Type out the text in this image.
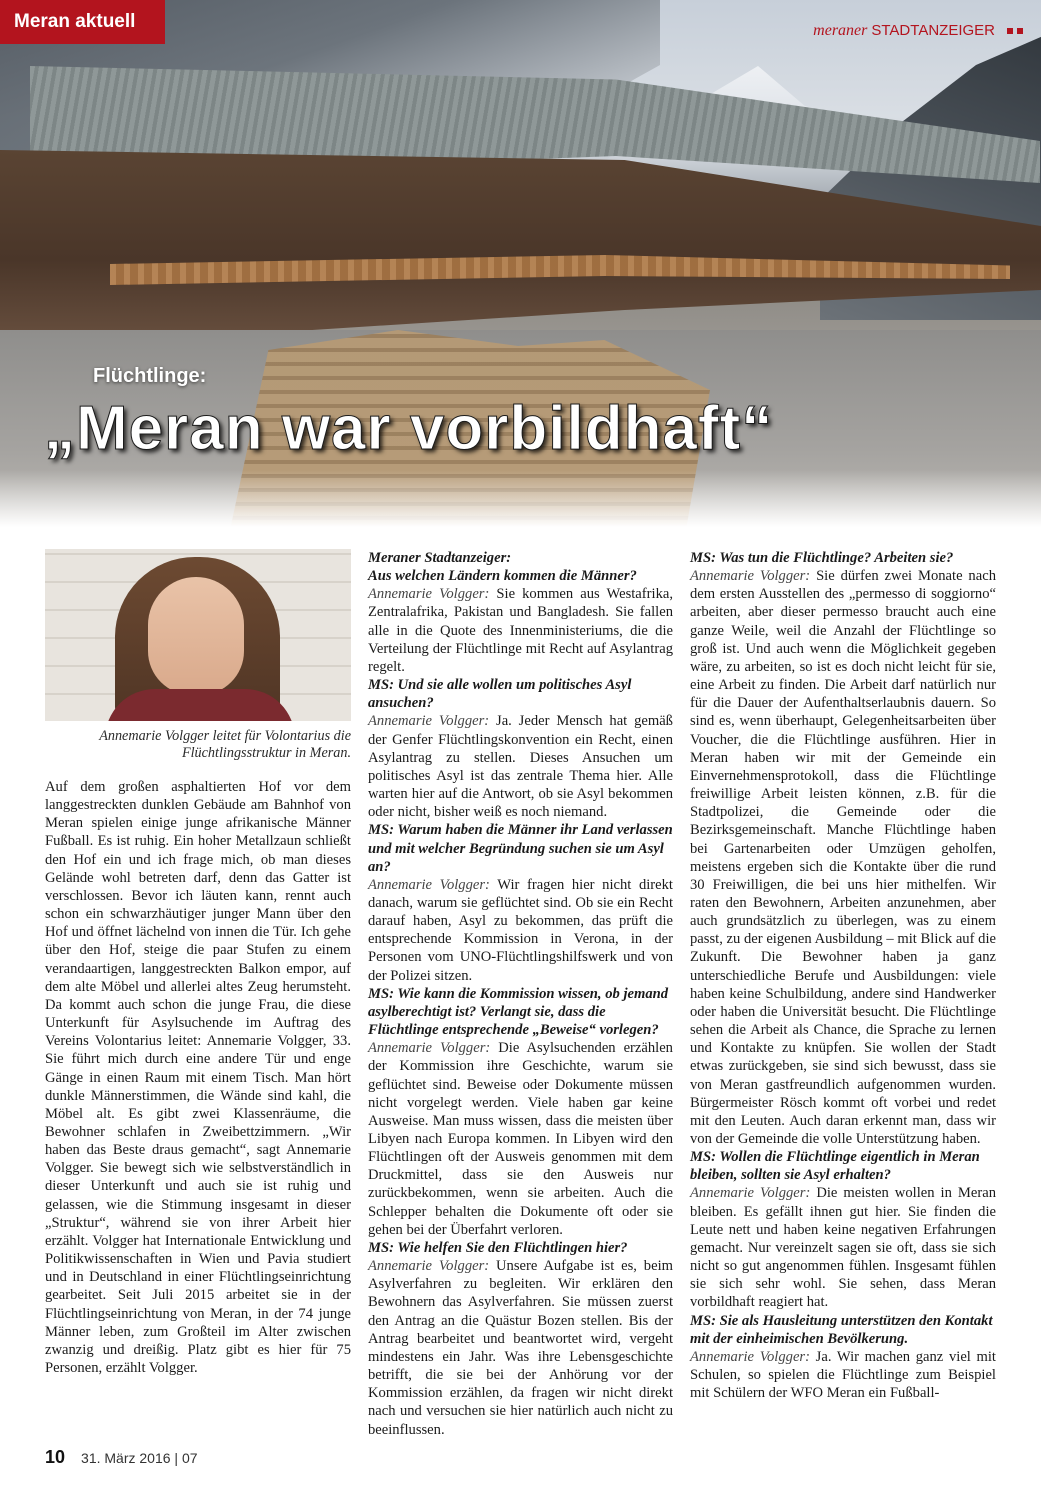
Meran aktuell	meraner STADTANZEIGER
Flüchtlinge:
„Meran war vorbildhaft“
Annemarie Volgger leitet für Volontarius die Flüchtlingsstruktur in Meran.

Auf dem großen asphaltierten Hof vor dem langgestreckten dunklen Gebäude am Bahnhof von Meran spielen einige junge afrikanische Männer Fußball. Es ist ruhig. Ein hoher Metallzaun schließt den Hof ein und ich frage mich, ob man dieses Gelände wohl betreten darf, denn das Gatter ist verschlossen. Bevor ich läuten kann, rennt auch schon ein schwarzhäutiger junger Mann über den Hof und öffnet lächelnd von innen die Tür. Ich gehe über den Hof, steige die paar Stufen zu einem verandaartigen, langgestreckten Balkon empor, auf dem alte Möbel und allerlei altes Zeug herumsteht. Da kommt auch schon die junge Frau, die diese Unterkunft für Asylsuchende im Auftrag des Vereins Volontarius leitet: Annemarie Volgger, 33. Sie führt mich durch eine andere Tür und enge Gänge in einen Raum mit einem Tisch. Man hört dunkle Männerstimmen, die Wände sind kahl, die Möbel alt. Es gibt zwei Klassenräume, die Bewohner schlafen in Zweibettzimmern. „Wir haben das Beste draus gemacht“, sagt Annemarie Volgger. Sie bewegt sich wie selbstverständlich in dieser Unterkunft und auch sie ist ruhig und gelassen, wie die Stimmung insgesamt in dieser „Struktur“, während sie von ihrer Arbeit hier erzählt. Volgger hat Internationale Entwicklung und Politikwissenschaften in Wien und Pavia studiert und in Deutschland in einer Flüchtlingseinrichtung gearbeitet. Seit Juli 2015 arbeitet sie in der Flüchtlingseinrichtung von Meran, in der 74 junge Männer leben, zum Großteil im Alter zwischen zwanzig und dreißig. Platz gibt es hier für 75 Personen, erzählt Volgger.

Meraner Stadtanzeiger:

Aus welchen Ländern kommen die Männer?

Annemarie Volgger: Sie kommen aus Westafrika, Zentralafrika, Pakistan und Bangladesh. Sie fallen alle in die Quote des Innenministeriums, die die Verteilung der Flüchtlinge mit Recht auf Asylantrag regelt.

MS: Und sie alle wollen um politisches Asyl ansuchen?

Annemarie Volgger: Ja. Jeder Mensch hat gemäß der Genfer Flüchtlingskonvention ein Recht, einen Asylantrag zu stellen. Dieses Ansuchen um politisches Asyl ist das zentrale Thema hier. Alle warten hier auf die Antwort, ob sie Asyl bekommen oder nicht, bisher weiß es noch niemand.

MS: Warum haben die Männer ihr Land verlassen und mit welcher Begründung suchen sie um Asyl an?

Annemarie Volgger: Wir fragen hier nicht direkt danach, warum sie geflüchtet sind. Ob sie ein Recht darauf haben, Asyl zu bekommen, das prüft die entsprechende Kommission in Verona, in der Personen vom UNO-Flüchtlingshilfswerk und von der Polizei sitzen.

MS: Wie kann die Kommission wissen, ob jemand asylberechtigt ist? Verlangt sie, dass die Flüchtlinge entsprechende „Beweise“ vorlegen?

Annemarie Volgger: Die Asylsuchenden erzählen der Kommission ihre Geschichte, warum sie geflüchtet sind. Beweise oder Dokumente müssen nicht vorgelegt werden. Viele haben gar keine Ausweise. Man muss wissen, dass die meisten über Libyen nach Europa kommen. In Libyen wird den Flüchtlingen oft der Ausweis genommen mit dem Druckmittel, dass sie den Ausweis nur zurückbekommen, wenn sie arbeiten. Auch die Schlepper behalten die Dokumente oft oder sie gehen bei der Überfahrt verloren.

MS: Wie helfen Sie den Flüchtlingen hier?

Annemarie Volgger: Unsere Aufgabe ist es, beim Asylverfahren zu begleiten. Wir erklären den Bewohnern das Asylverfahren. Sie müssen zuerst den Antrag an die Quästur Bozen stellen. Bis der Antrag bearbeitet und beantwortet wird, vergeht mindestens ein Jahr. Was ihre Lebensgeschichte betrifft, die sie bei der Anhörung vor der Kommission erzählen, da fragen wir nicht direkt nach und versuchen sie hier natürlich auch nicht zu beeinflussen.

MS: Was tun die Flüchtlinge? Arbeiten sie?

Annemarie Volgger: Sie dürfen zwei Monate nach dem ersten Ausstellen des „permesso di soggiorno“ arbeiten, aber dieser permesso braucht auch eine ganze Weile, weil die Anzahl der Flüchtlinge so groß ist. Und auch wenn die Möglichkeit gegeben wäre, zu arbeiten, so ist es doch nicht leicht für sie, eine Arbeit zu finden. Die Arbeit darf natürlich nur für die Dauer der Aufenthaltserlaubnis dauern. So sind es, wenn überhaupt, Gelegenheitsarbeiten über Voucher, die die Flüchtlinge ausführen. Hier in Meran haben wir mit der Gemeinde ein Einvernehmensprotokoll, dass die Flüchtlinge freiwillige Arbeit leisten können, z.B. für die Stadtpolizei, die Gemeinde oder die Bezirksgemeinschaft. Manche Flüchtlinge haben bei Gartenarbeiten oder Umzügen geholfen, meistens ergeben sich die Kontakte über die rund 30 Freiwilligen, die bei uns hier mithelfen. Wir raten den Bewohnern, Arbeiten anzunehmen, aber auch grundsätzlich zu überlegen, was zu einem passt, zu der eigenen Ausbildung – mit Blick auf die Zukunft. Die Bewohner haben ja ganz unterschiedliche Berufe und Ausbildungen: viele haben keine Schulbildung, andere sind Handwerker oder haben die Universität besucht. Die Flüchtlinge sehen die Arbeit als Chance, die Sprache zu lernen und Kontakte zu knüpfen. Sie wollen der Stadt etwas zurückgeben, sie sind sich bewusst, dass sie von Meran gastfreundlich aufgenommen wurden. Bürgermeister Rösch kommt oft vorbei und redet mit den Leuten. Auch daran erkennt man, dass wir von der Gemeinde die volle Unterstützung haben.

MS: Wollen die Flüchtlinge eigentlich in Meran bleiben, sollten sie Asyl erhalten?

Annemarie Volgger: Die meisten wollen in Meran bleiben. Es gefällt ihnen gut hier. Sie finden die Leute nett und haben keine negativen Erfahrungen gemacht. Nur vereinzelt sagen sie oft, dass sie sich nicht so gut angenommen fühlen. Insgesamt fühlen sie sich sehr wohl. Sie sehen, dass Meran vorbildhaft reagiert hat.

MS: Sie als Hausleitung unterstützen den Kontakt mit der einheimischen Bevölkerung.

Annemarie Volgger: Ja. Wir machen ganz viel mit Schulen, so spielen die Flüchtlinge zum Beispiel mit Schülern der WFO Meran ein Fußball-

10 31. März 2016 | 07
